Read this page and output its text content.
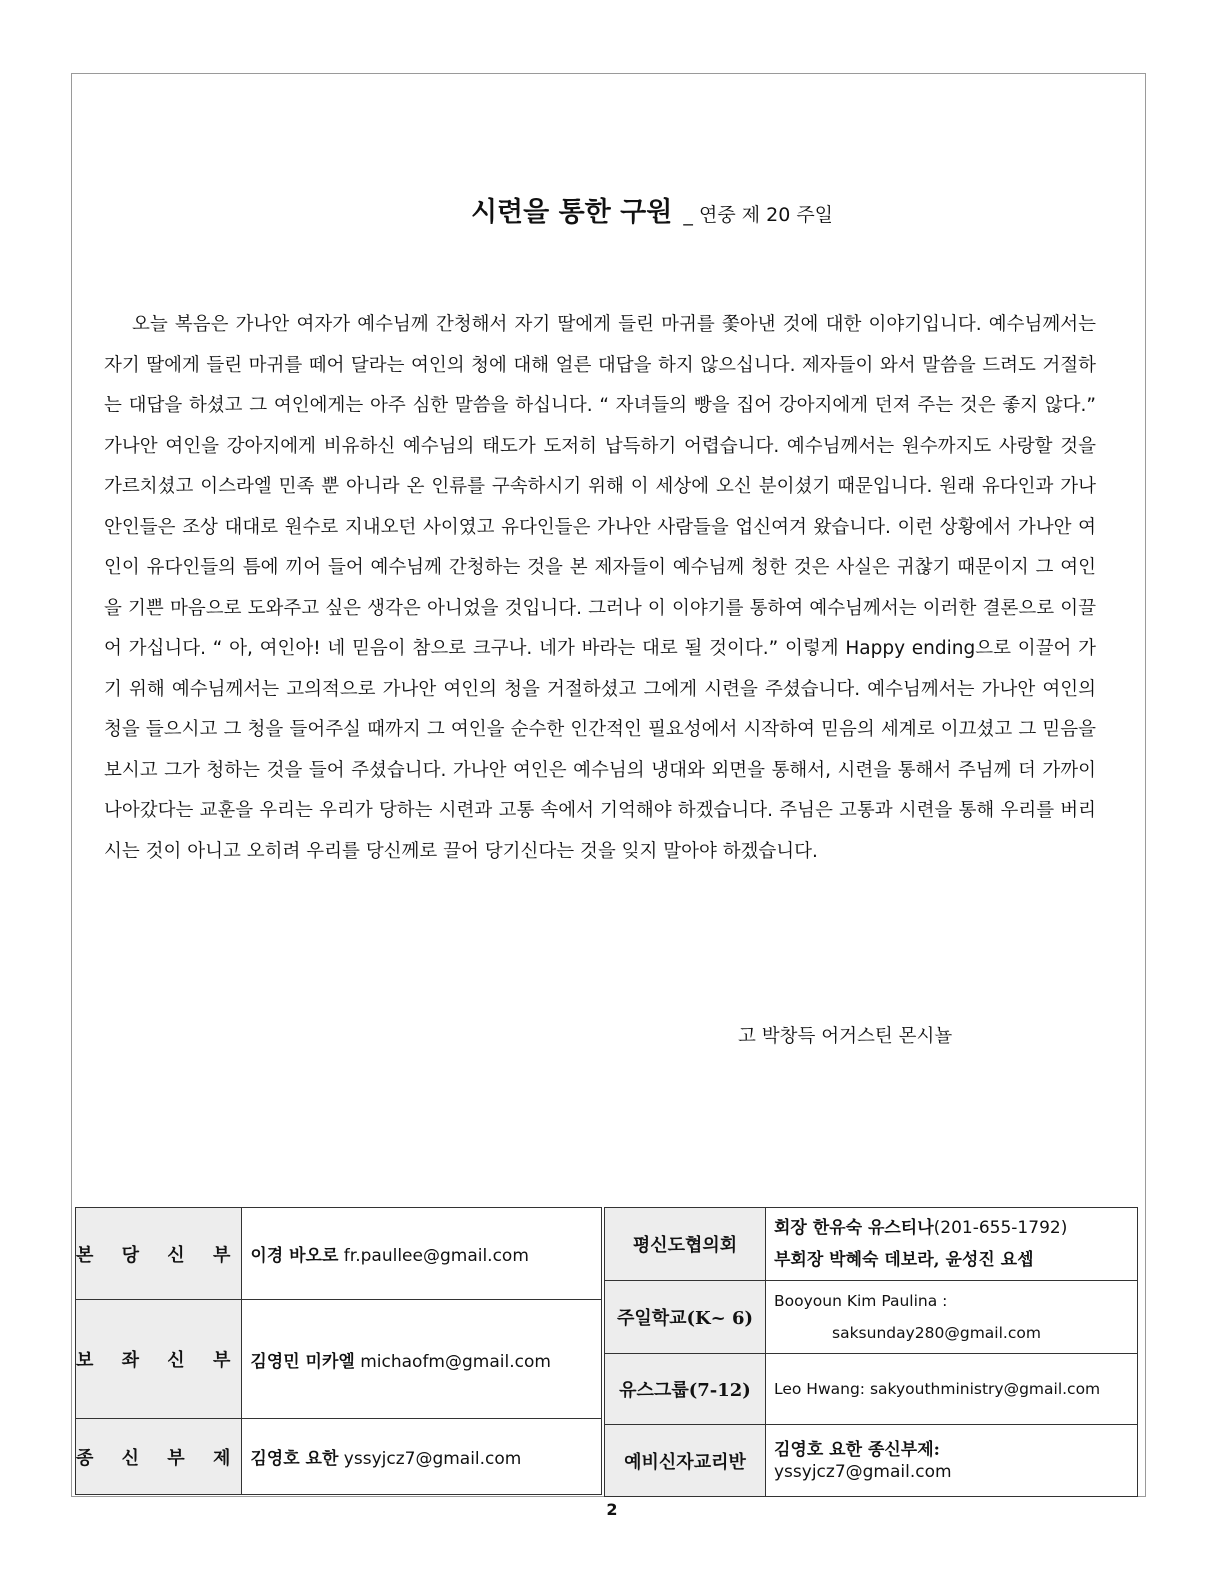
시련을 통한 구원 _ 연중 제 20 주일

오늘 복음은 가나안 여자가 예수님께 간청해서 자기 딸에게 들린 마귀를 쫓아낸 것에 대한 이야기입니다. 예수님께서는 자기 딸에게 들린 마귀를 떼어 달라는 여인의 청에 대해 얼른 대답을 하지 않으십니다. 제자들이 와서 말씀을 드려도 거절하는 대답을 하셨고 그 여인에게는 아주 심한 말씀을 하십니다. “ 자녀들의 빵을 집어 강아지에게 던져 주는 것은 좋지 않다.” 가나안 여인을 강아지에게 비유하신 예수님의 태도가 도저히 납득하기 어렵습니다. 예수님께서는 원수까지도 사랑할 것을 가르치셨고 이스라엘 민족 뿐 아니라 온 인류를 구속하시기 위해 이 세상에 오신 분이셨기 때문입니다. 원래 유다인과 가나안인들은 조상 대대로 원수로 지내오던 사이였고 유다인들은 가나안 사람들을 업신여겨 왔습니다. 이런 상황에서 가나안 여인이 유다인들의 틈에 끼어 들어 예수님께 간청하는 것을 본 제자들이 예수님께 청한 것은 사실은 귀찮기 때문이지 그 여인을 기쁜 마음으로 도와주고 싶은 생각은 아니었을 것입니다. 그러나 이 이야기를 통하여 예수님께서는 이러한 결론으로 이끌어 가십니다. “ 아, 여인아! 네 믿음이 참으로 크구나. 네가 바라는 대로 될 것이다.” 이렇게 Happy ending으로 이끌어 가기 위해 예수님께서는 고의적으로 가나안 여인의 청을 거절하셨고 그에게 시련을 주셨습니다. 예수님께서는 가나안 여인의 청을 들으시고 그 청을 들어주실 때까지 그 여인을 순수한 인간적인 필요성에서 시작하여 믿음의 세계로 이끄셨고 그 믿음을 보시고 그가 청하는 것을 들어 주셨습니다. 가나안 여인은 예수님의 냉대와 외면을 통해서, 시련을 통해서 주님께 더 가까이 나아갔다는 교훈을 우리는 우리가 당하는 시련과 고통 속에서 기억해야 하겠습니다. 주님은 고통과 시련을 통해 우리를 버리시는 것이 아니고 오히려 우리를 당신께로 끌어 당기신다는 것을 잊지 말아야 하겠습니다.

고 박창득 어거스틴 몬시뇰
본 당 신 부	이경 바오로 fr.paullee@gmail.com
보 좌 신 부	김영민 미카엘 michaofm@gmail.com
종 신 부 제	김영호 요한 yssyjcz7@gmail.com
평신도협의회	회장 한유숙 유스티나(201-655-1792)
부회장 박혜숙 데보라, 윤성진 요셉
주일학교(K~ 6)	Booyoun Kim Paulina :
saksunday280@gmail.com
유스그룹(7-12)	Leo Hwang: sakyouthministry@gmail.com
예비신자교리반	김영호 요한 종신부제:
yssyjcz7@gmail.com
2
